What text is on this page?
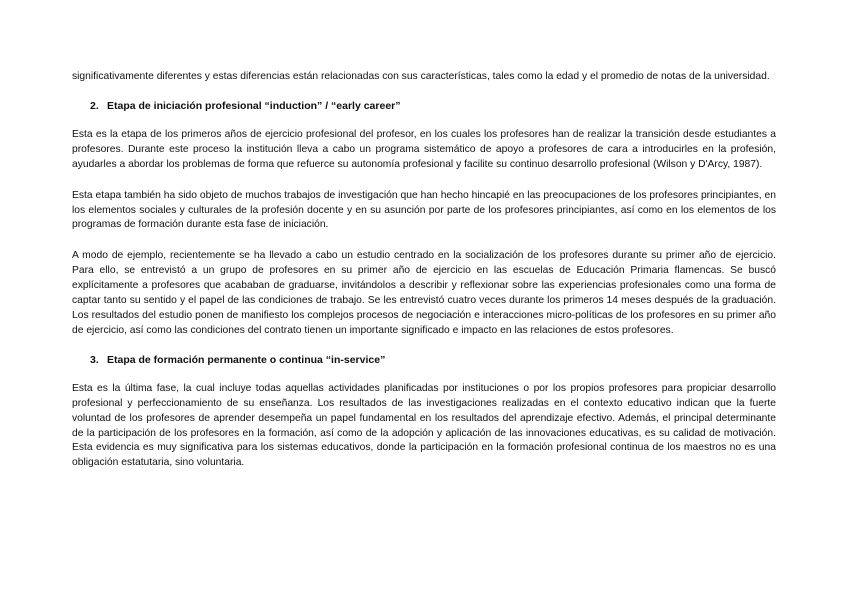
significativamente diferentes y estas diferencias están relacionadas con sus características, tales como la edad y el promedio de notas de la universidad.

2. Etapa de iniciación profesional “induction” / “early career”

Esta es la etapa de los primeros años de ejercicio profesional del profesor, en los cuales los profesores han de realizar la transición desde estudiantes a profesores. Durante este proceso la institución lleva a cabo un programa sistemático de apoyo a profesores de cara a introducirles en la profesión, ayudarles a abordar los problemas de forma que refuerce su autonomía profesional y facilite su continuo desarrollo profesional (Wilson y D'Arcy, 1987).

Esta etapa también ha sido objeto de muchos trabajos de investigación que han hecho hincapié en las preocupaciones de los profesores principiantes, en los elementos sociales y culturales de la profesión docente y en su asunción por parte de los profesores principiantes, así como en los elementos de los programas de formación durante esta fase de iniciación.

A modo de ejemplo, recientemente se ha llevado a cabo un estudio centrado en la socialización de los profesores durante su primer año de ejercicio. Para ello, se entrevistó a un grupo de profesores en su primer año de ejercicio en las escuelas de Educación Primaria flamencas. Se buscó explícitamente a profesores que acababan de graduarse, invitándolos a describir y reflexionar sobre las experiencias profesionales como una forma de captar tanto su sentido y el papel de las condiciones de trabajo. Se les entrevistó cuatro veces durante los primeros 14 meses después de la graduación. Los resultados del estudio ponen de manifiesto los complejos procesos de negociación e interacciones micro-políticas de los profesores en su primer año de ejercicio, así como las condiciones del contrato tienen un importante significado e impacto en las relaciones de estos profesores.

3. Etapa de formación permanente o continua “in-service”

Esta es la última fase, la cual incluye todas aquellas actividades planificadas por instituciones o por los propios profesores para propiciar desarrollo profesional y perfeccionamiento de su enseñanza. Los resultados de las investigaciones realizadas en el contexto educativo indican que la fuerte voluntad de los profesores de aprender desempeña un papel fundamental en los resultados del aprendizaje efectivo. Además, el principal determinante de la participación de los profesores en la formación, así como de la adopción y aplicación de las innovaciones educativas, es su calidad de motivación. Esta evidencia es muy significativa para los sistemas educativos, donde la participación en la formación profesional continua de los maestros no es una obligación estatutaria, sino voluntaria.
